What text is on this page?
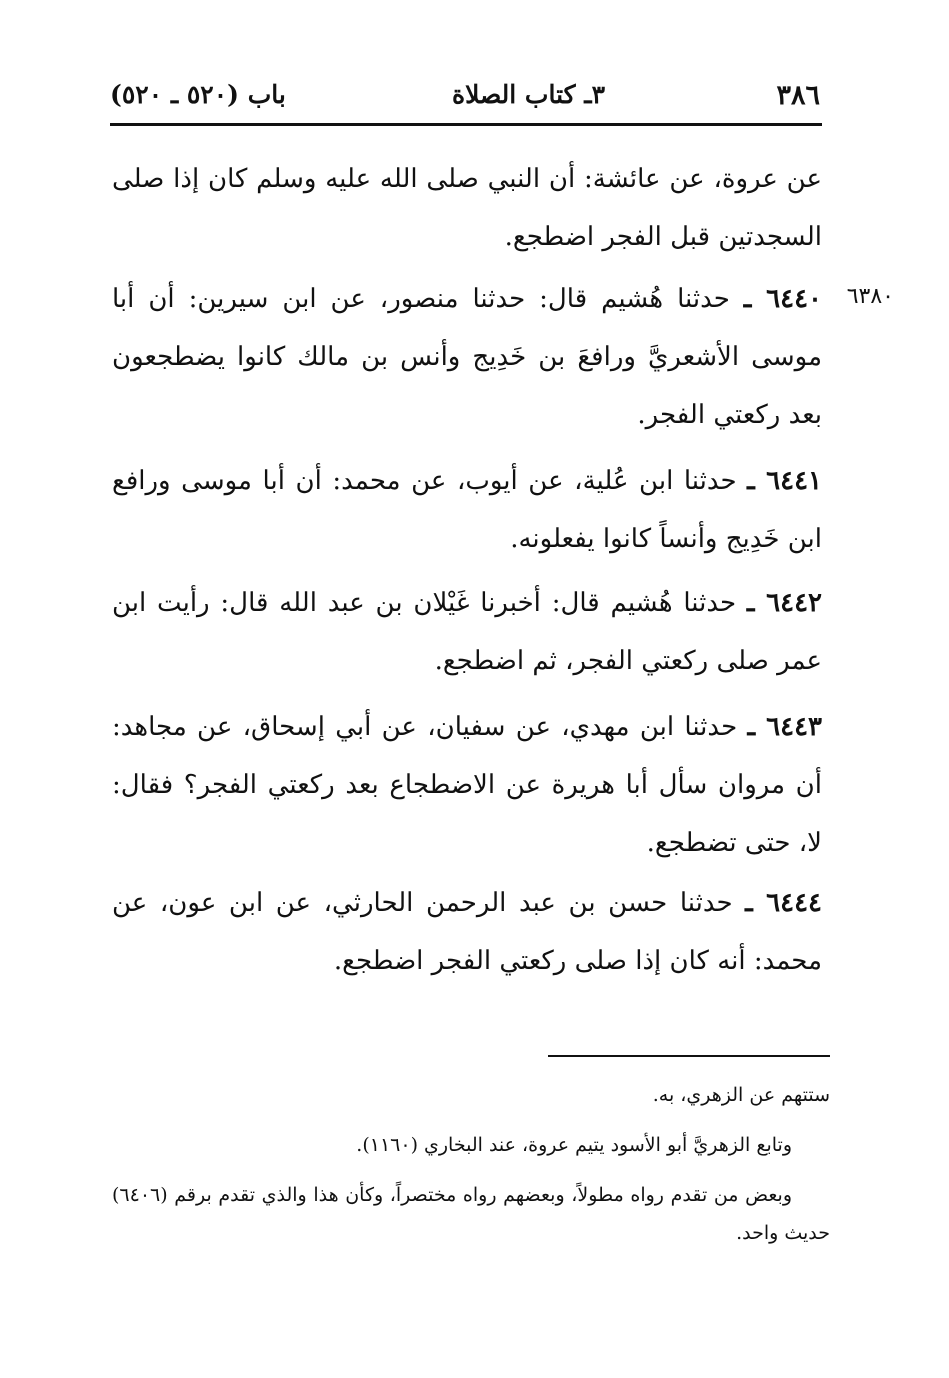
٣٨٦
٣ـ كتاب الصلاة
باب (٥٢٠ ـ ٥٢٠)
٦٣٨٠
عن عروة، عن عائشة: أن النبي صلى الله عليه وسلم كان إذا صلى السجدتين قبل الفجر اضطجع.
٦٤٤٠ ـ حدثنا هُشيم قال: حدثنا منصور، عن ابن سيرين: أن أبا موسى الأشعريَّ ورافعَ بن خَدِيج وأنس بن مالك كانوا يضطجعون بعد ركعتي الفجر.
٦٤٤١ ـ حدثنا ابن عُلية، عن أيوب، عن محمد: أن أبا موسى ورافع ابن خَدِيج وأنساً كانوا يفعلونه.
٦٤٤٢ ـ حدثنا هُشيم قال: أخبرنا غَيْلان بن عبد الله قال: رأيت ابن عمر صلى ركعتي الفجر، ثم اضطجع.
٦٤٤٣ ـ حدثنا ابن مهدي، عن سفيان، عن أبي إسحاق، عن مجاهد: أن مروان سأل أبا هريرة عن الاضطجاع بعد ركعتي الفجر؟ فقال: لا، حتى تضطجع.
٦٤٤٤ ـ حدثنا حسن بن عبد الرحمن الحارثي، عن ابن عون، عن محمد: أنه كان إذا صلى ركعتي الفجر اضطجع.

ستتهم عن الزهري، به.

وتابع الزهريَّ أبو الأسود يتيم عروة، عند البخاري (١١٦٠).

وبعض من تقدم رواه مطولاً، وبعضهم رواه مختصراً، وكأن هذا والذي تقدم برقم (٦٤٠٦) حديث واحد.
